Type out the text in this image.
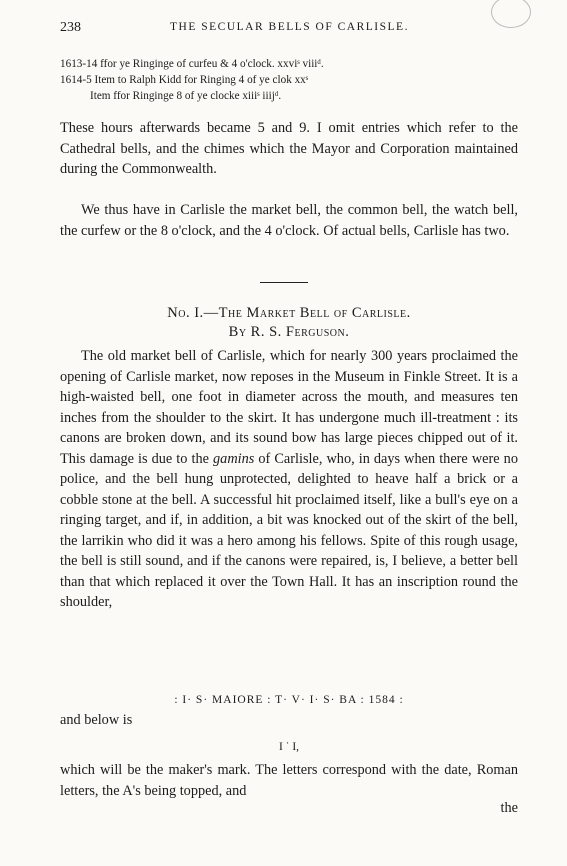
238	THE SECULAR BELLS OF CARLISLE.
1613-14 ffor ye Ringinge of curfeu & 4 o'clock. xxviˢ viiiᵈ.
1614-5 Item to Ralph Kidd for Ringing 4 of ye clok xxˢ
Item ffor Ringinge 8 of ye clocke xiiiˢ iiijᵈ.
These hours afterwards became 5 and 9. I omit entries which refer to the Cathedral bells, and the chimes which the Mayor and Corporation maintained during the Commonwealth.
We thus have in Carlisle the market bell, the common bell, the watch bell, the curfew or the 8 o'clock, and the 4 o'clock. Of actual bells, Carlisle has two.
No. I.—The Market Bell of Carlisle.
By R. S. Ferguson.
The old market bell of Carlisle, which for nearly 300 years proclaimed the opening of Carlisle market, now reposes in the Museum in Finkle Street. It is a high-waisted bell, one foot in diameter across the mouth, and measures ten inches from the shoulder to the skirt. It has undergone much ill-treatment : its canons are broken down, and its sound bow has large pieces chipped out of it. This damage is due to the gamins of Carlisle, who, in days when there were no police, and the bell hung unprotected, delighted to heave half a brick or a cobble stone at the bell. A successful hit proclaimed itself, like a bull's eye on a ringing target, and if, in addition, a bit was knocked out of the skirt of the bell, the larrikin who did it was a hero among his fellows. Spite of this rough usage, the bell is still sound, and if the canons were repaired, is, I believe, a better bell than that which replaced it over the Town Hall. It has an inscription round the shoulder,
: I· S· MAIORE : T· V· I· S· BA : 1584 :
and below is
I ˙ I,
which will be the maker's mark. The letters correspond with the date, Roman letters, the A's being topped, and
the
